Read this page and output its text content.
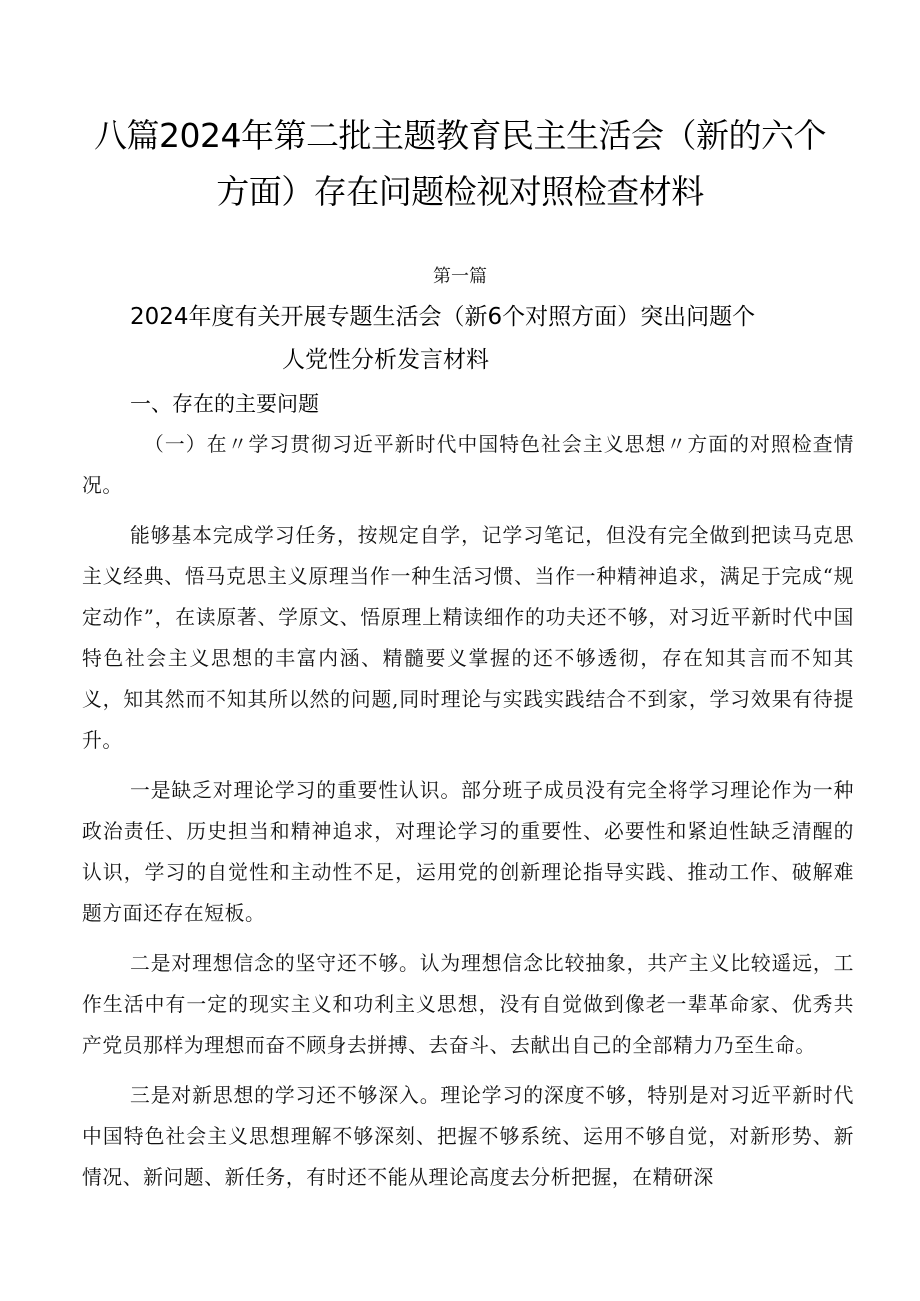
八篇2024年第二批主题教育民主生活会（新的六个
方面）存在问题检视对照检查材料
第一篇
2024年度有关开展专题生活会（新6个对照方面）突出问题个
人党性分析发言材料
一、存在的主要问题

（一）在〃学习贯彻习近平新时代中国特色社会主义思想〃方面的对照检查情况。

能够基本完成学习任务，按规定自学，记学习笔记，但没有完全做到把读马克思主义经典、悟马克思主义原理当作一种生活习惯、当作一种精神追求，满足于完成“规定动作”，在读原著、学原文、悟原理上精读细作的功夫还不够，对习近平新时代中国特色社会主义思想的丰富内涵、精髓要义掌握的还不够透彻，存在知其言而不知其义，知其然而不知其所以然的问题,同时理论与实践实践结合不到家，学习效果有待提升。

一是缺乏对理论学习的重要性认识。部分班子成员没有完全将学习理论作为一种政治责任、历史担当和精神追求，对理论学习的重要性、必要性和紧迫性缺乏清醒的认识，学习的自觉性和主动性不足，运用党的创新理论指导实践、推动工作、破解难题方面还存在短板。

二是对理想信念的坚守还不够。认为理想信念比较抽象，共产主义比较遥远，工作生活中有一定的现实主义和功利主义思想，没有自觉做到像老一辈革命家、优秀共产党员那样为理想而奋不顾身去拼搏、去奋斗、去献出自己的全部精力乃至生命。

三是对新思想的学习还不够深入。理论学习的深度不够，特别是对习近平新时代中国特色社会主义思想理解不够深刻、把握不够系统、运用不够自觉，对新形势、新情况、新问题、新任务，有时还不能从理论高度去分析把握，在精研深
